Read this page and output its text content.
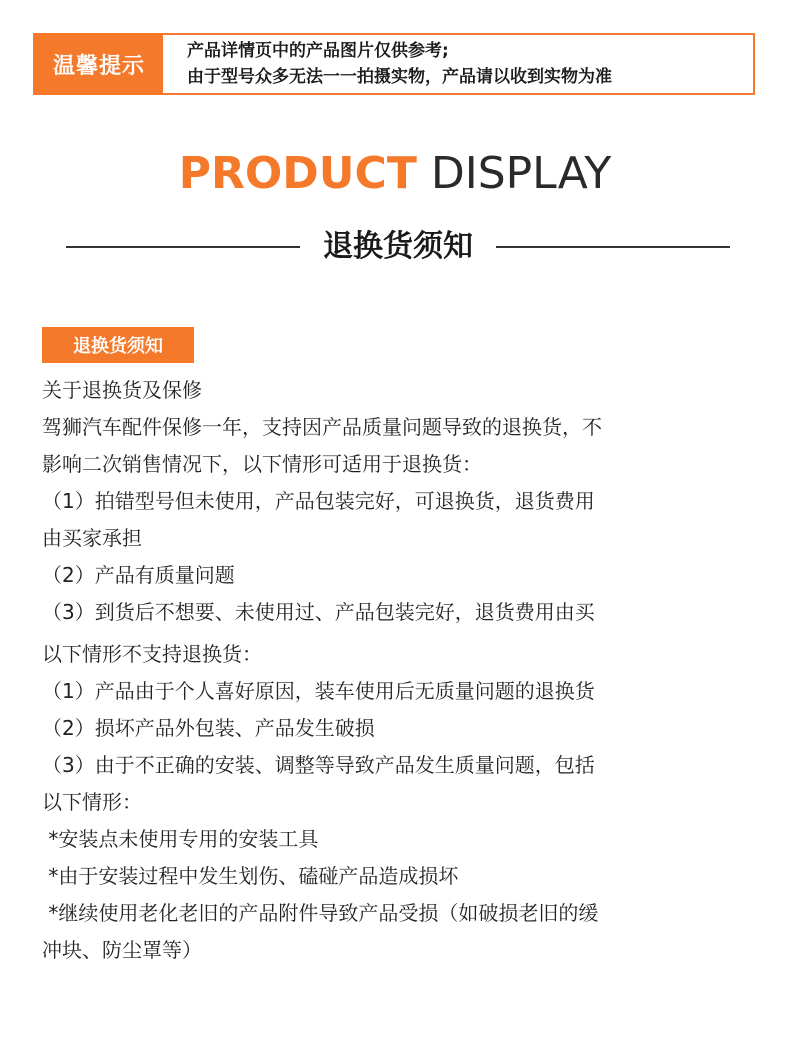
温馨提示
产品详情页中的产品图片仅供参考;
由于型号众多无法一一拍摄实物，产品请以收到实物为准
PRODUCT DISPLAY
退换货须知
退换货须知

关于退换货及保修

驾狮汽车配件保修一年，支持因产品质量问题导致的退换货，不

影响二次销售情况下，以下情形可适用于退换货：

（1）拍错型号但未使用，产品包装完好，可退换货，退货费用

由买家承担

（2）产品有质量问题

（3）到货后不想要、未使用过、产品包装完好，退货费用由买

以下情形不支持退换货：

（1）产品由于个人喜好原因，装车使用后无质量问题的退换货

（2）损坏产品外包装、产品发生破损

（3）由于不正确的安装、调整等导致产品发生质量问题，包括

以下情形：

*安装点未使用专用的安装工具

*由于安装过程中发生划伤、磕碰产品造成损坏

*继续使用老化老旧的产品附件导致产品受损（如破损老旧的缓

冲块、防尘罩等）
